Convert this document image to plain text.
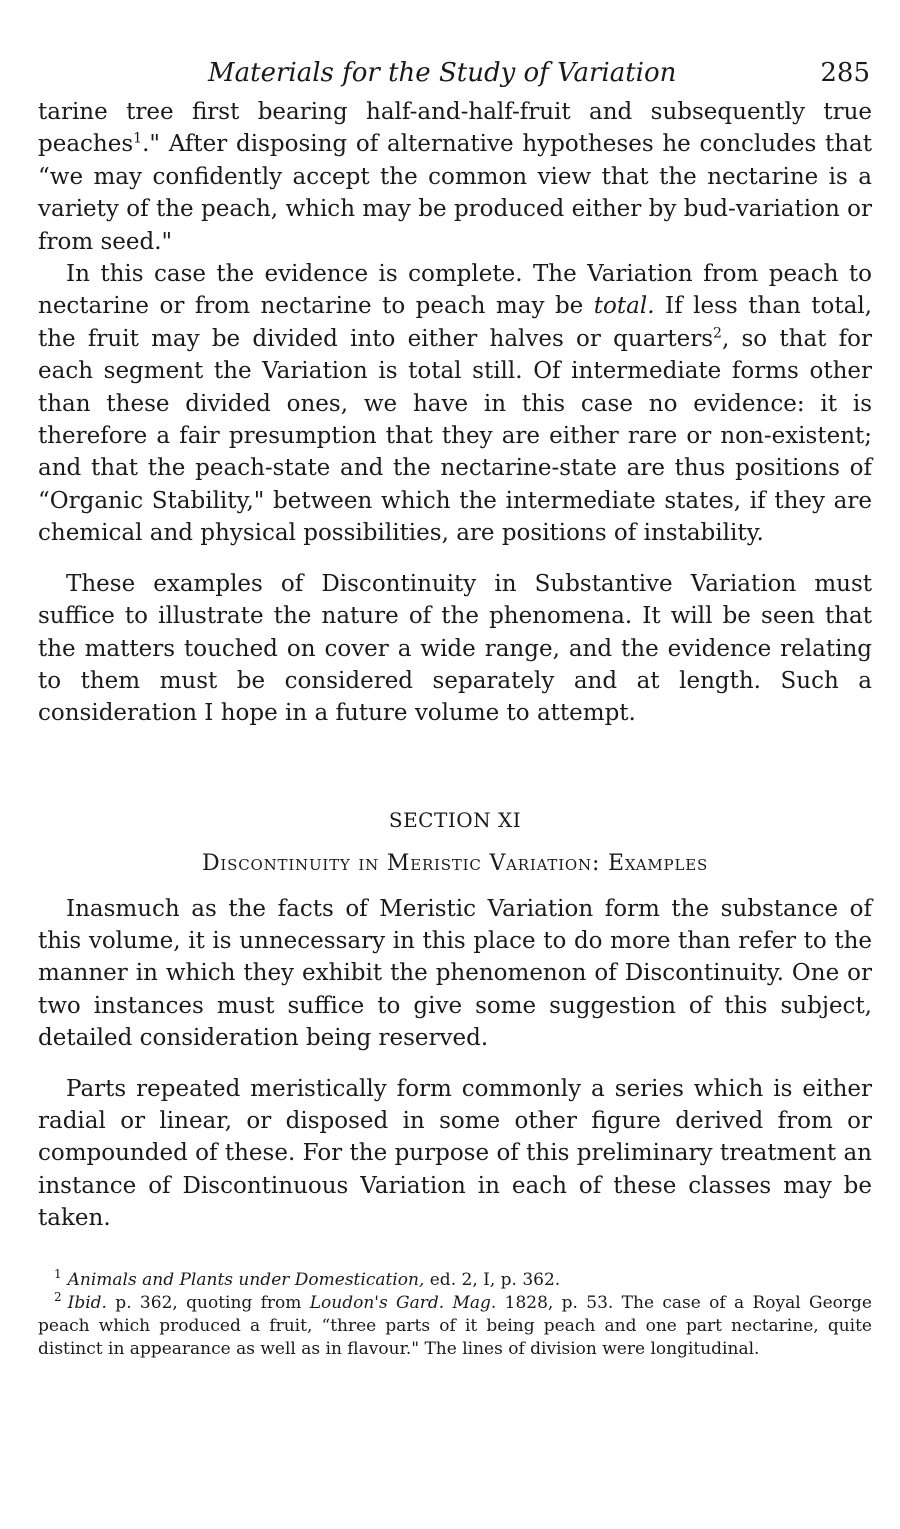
Materials for the Study of Variation	285

tarine tree first bearing half-and-half-fruit and subsequently true peaches$^1$." After disposing of alternative hypotheses he concludes that “we may confidently accept the common view that the nectarine is a variety of the peach, which may be produced either by bud-variation or from seed."

In this case the evidence is complete. The Variation from peach to nectarine or from nectarine to peach may be total. If less than total, the fruit may be divided into either halves or quarters$^2$, so that for each segment the Variation is total still. Of intermediate forms other than these divided ones, we have in this case no evidence: it is therefore a fair presumption that they are either rare or non-existent; and that the peach-state and the nectarine-state are thus positions of “Organic Stability," between which the intermediate states, if they are chemical and physical possibilities, are positions of instability.

These examples of Discontinuity in Substantive Variation must suffice to illustrate the nature of the phenomena. It will be seen that the matters touched on cover a wide range, and the evidence relating to them must be considered separately and at length. Such a consideration I hope in a future volume to attempt.

SECTION XI
Discontinuity in Meristic Variation: Examples

Inasmuch as the facts of Meristic Variation form the substance of this volume, it is unnecessary in this place to do more than refer to the manner in which they exhibit the phenomenon of Discontinuity. One or two instances must suffice to give some suggestion of this subject, detailed consideration being reserved.

Parts repeated meristically form commonly a series which is either radial or linear, or disposed in some other figure derived from or compounded of these. For the purpose of this preliminary treatment an instance of Discontinuous Variation in each of these classes may be taken.

$^1$ Animals and Plants under Domestication, ed. 2, I, p. 362.

$^2$ Ibid. p. 362, quoting from Loudon's Gard. Mag. 1828, p. 53. The case of a Royal George peach which produced a fruit, “three parts of it being peach and one part nectarine, quite distinct in appearance as well as in flavour." The lines of division were longitudinal.
